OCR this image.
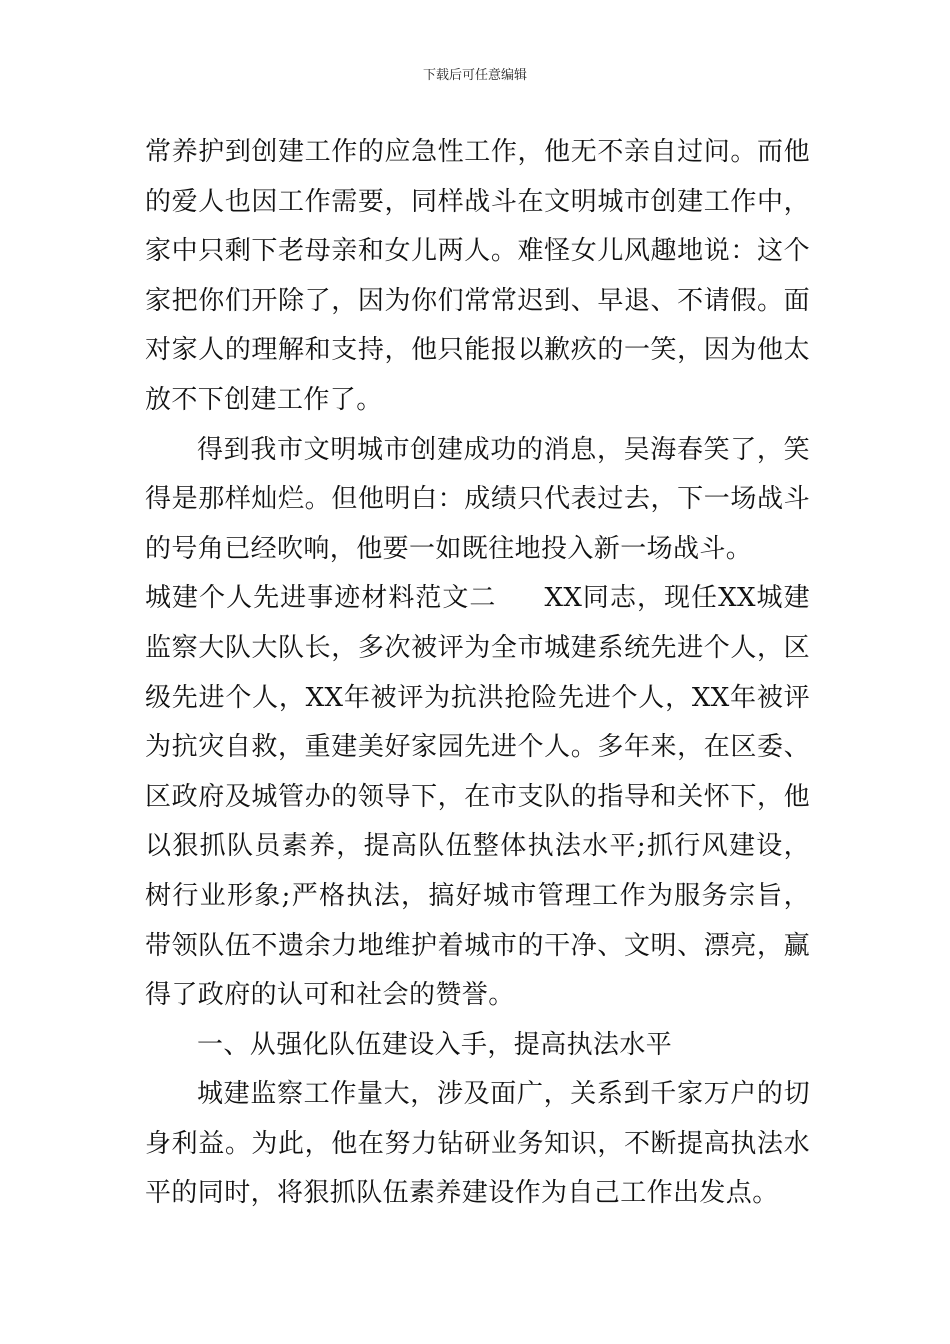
下载后可任意编辑

常养护到创建工作的应急性工作，他无不亲自过问。而他的爱人也因工作需要，同样战斗在文明城市创建工作中，家中只剩下老母亲和女儿两人。难怪女儿风趣地说：这个家把你们开除了，因为你们常常迟到、早退、不请假。面对家人的理解和支持，他只能报以歉疚的一笑，因为他太放不下创建工作了。

得到我市文明城市创建成功的消息，吴海春笑了，笑得是那样灿烂。但他明白：成绩只代表过去，下一场战斗的号角已经吹响，他要一如既往地投入新一场战斗。

城建个人先进事迹材料范文二 XX同志，现任XX城建监察大队大队长，多次被评为全市城建系统先进个人，区级先进个人，XX年被评为抗洪抢险先进个人，XX年被评为抗灾自救，重建美好家园先进个人。多年来，在区委、区政府及城管办的领导下，在市支队的指导和关怀下，他以狠抓队员素养，提高队伍整体执法水平;抓行风建设，树行业形象;严格执法，搞好城市管理工作为服务宗旨，带领队伍不遗余力地维护着城市的干净、文明、漂亮，赢得了政府的认可和社会的赞誉。

一、从强化队伍建设入手，提高执法水平

城建监察工作量大，涉及面广，关系到千家万户的切身利益。为此，他在努力钻研业务知识，不断提高执法水平的同时，将狠抓队伍素养建设作为自己工作出发点。
